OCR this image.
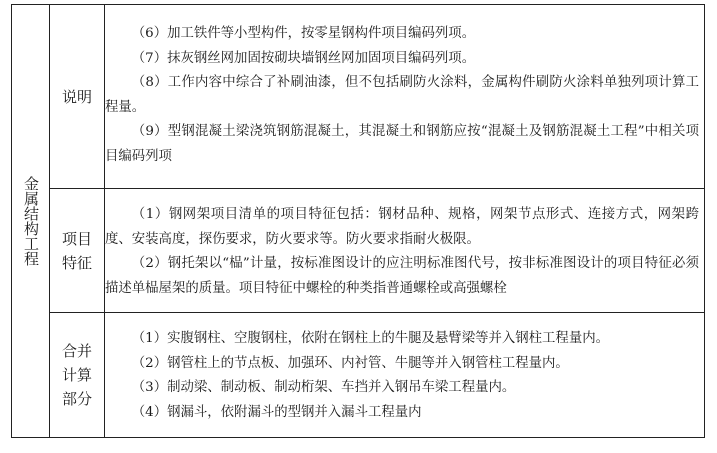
金属结构工程
说明

（6）加工铁件等小型构件，按零星钢构件项目编码列项。

（7）抹灰钢丝网加固按砌块墙钢丝网加固项目编码列项。

（8）工作内容中综合了补刷油漆，但不包括刷防火涂料，金属构件刷防火涂料单独列项计算工程量。

（9）型钢混凝土梁浇筑钢筋混凝土，其混凝土和钢筋应按“混凝土及钢筋混凝土工程”中相关项目编码列项

项目特征

（1）钢网架项目清单的项目特征包括：钢材品种、规格，网架节点形式、连接方式，网架跨度、安装高度，探伤要求，防火要求等。防火要求指耐火极限。

（2）钢托架以“榀”计量，按标准图设计的应注明标准图代号，按非标准图设计的项目特征必须描述单榀屋架的质量。项目特征中螺栓的种类指普通螺栓或高强螺栓

合并计算部分

（1）实腹钢柱、空腹钢柱，依附在钢柱上的牛腿及悬臂梁等并入钢柱工程量内。

（2）钢管柱上的节点板、加强环、内衬管、牛腿等并入钢管柱工程量内。

（3）制动梁、制动板、制动桁架、车挡并入钢吊车梁工程量内。

（4）钢漏斗，依附漏斗的型钢并入漏斗工程量内
